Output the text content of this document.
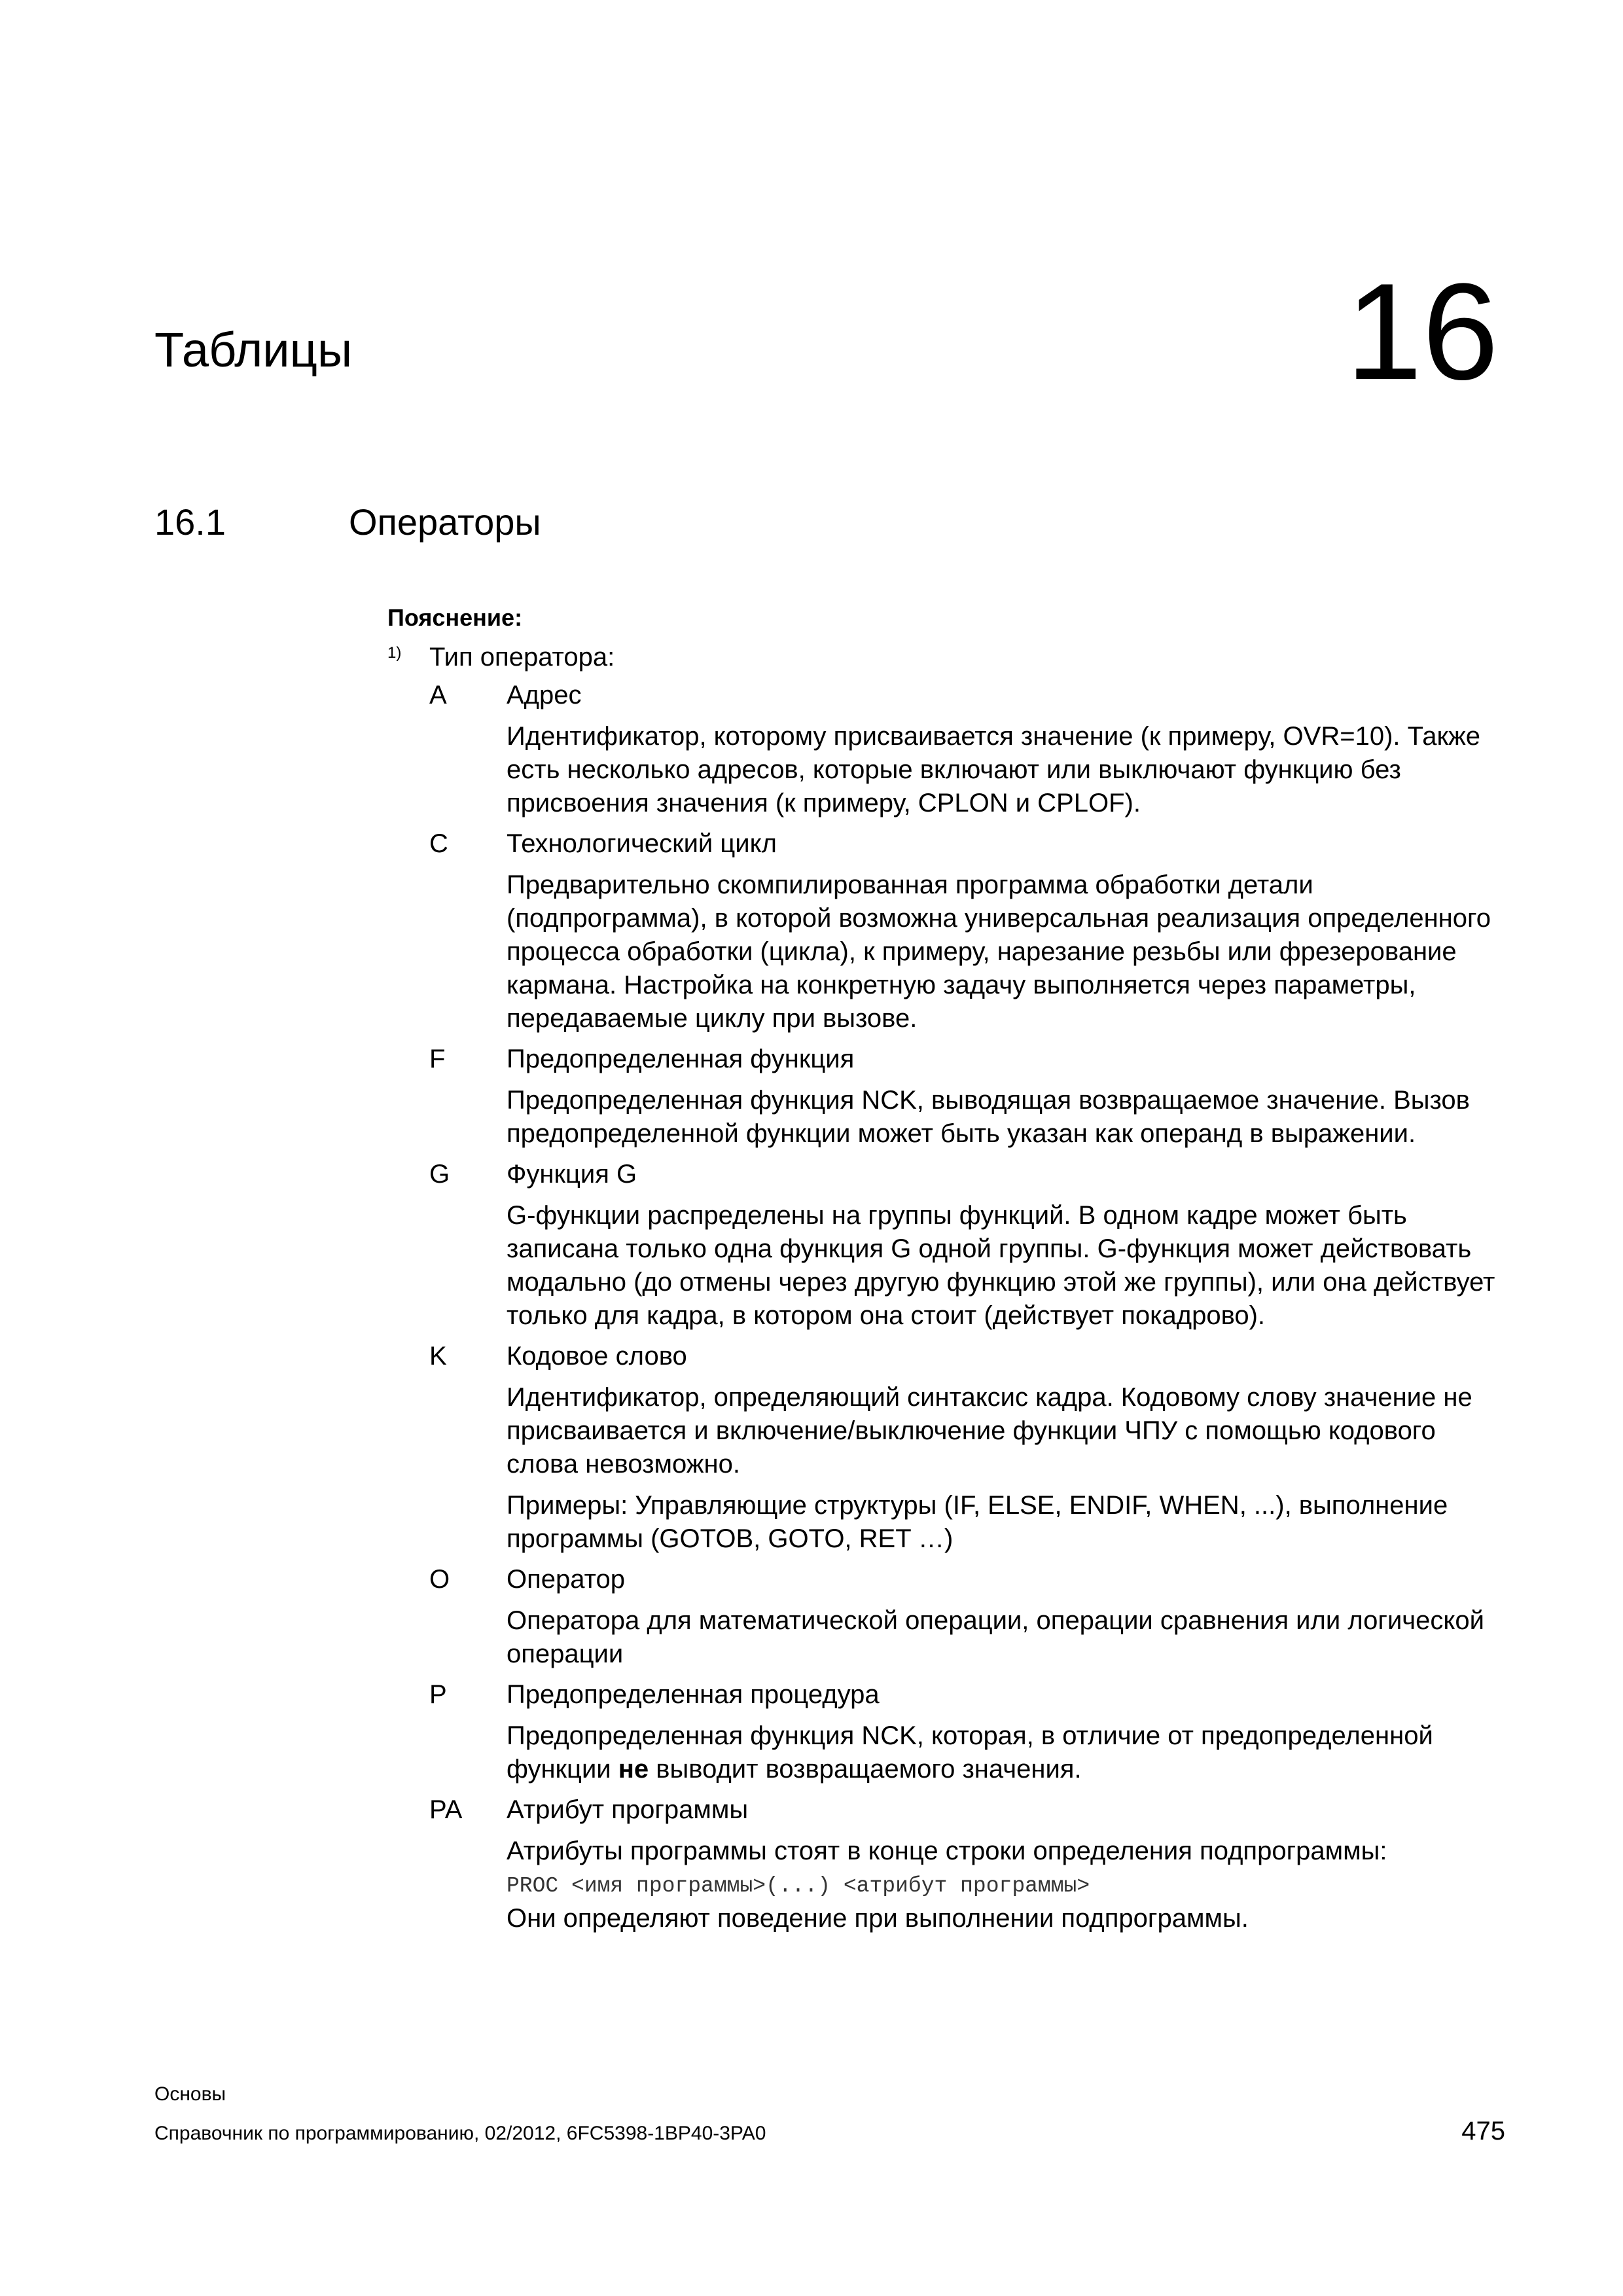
Таблицы	16
16.1	Операторы
Пояснение:
1) Тип оператора:
A	Адрес
Идентификатор, которому присваивается значение (к примеру, OVR=10). Также есть несколько адресов, которые включают или выключают функцию без присвоения значения (к примеру, CPLON и CPLOF).
C	Технологический цикл
Предварительно скомпилированная программа обработки детали (подпрограмма), в которой возможна универсальная реализация определенного процесса обработки (цикла), к примеру, нарезание резьбы или фрезерование кармана. Настройка на конкретную задачу выполняется через параметры, передаваемые циклу при вызове.
F	Предопределенная функция
Предопределенная функция NCK, выводящая возвращаемое значение. Вызов предопределенной функции может быть указан как операнд в выражении.
G	Функция G
G-функции распределены на группы функций. В одном кадре может быть записана только одна функция G одной группы. G-функция может действовать модально (до отмены через другую функцию этой же группы), или она действует только для кадра, в котором она стоит (действует покадрово).
K	Кодовое слово
Идентификатор, определяющий синтаксис кадра. Кодовому слову значение не присваивается и включение/выключение функции ЧПУ с помощью кодового слова невозможно.
Примеры: Управляющие структуры (IF, ELSE, ENDIF, WHEN, ...), выполнение программы (GOTOB, GOTO, RET …)
O	Оператор
Оператора для математической операции, операции сравнения или логической операции
P	Предопределенная процедура
Предопределенная функция NCK, которая, в отличие от предопределенной функции не выводит возвращаемого значения.
PA	Атрибут программы
Атрибуты программы стоят в конце строки определения подпрограммы:
PROC <имя программы>(...) <атрибут программы>
Они определяют поведение при выполнении подпрограммы.
Основы
Справочник по программированию, 02/2012, 6FC5398-1BP40-3PA0	475
